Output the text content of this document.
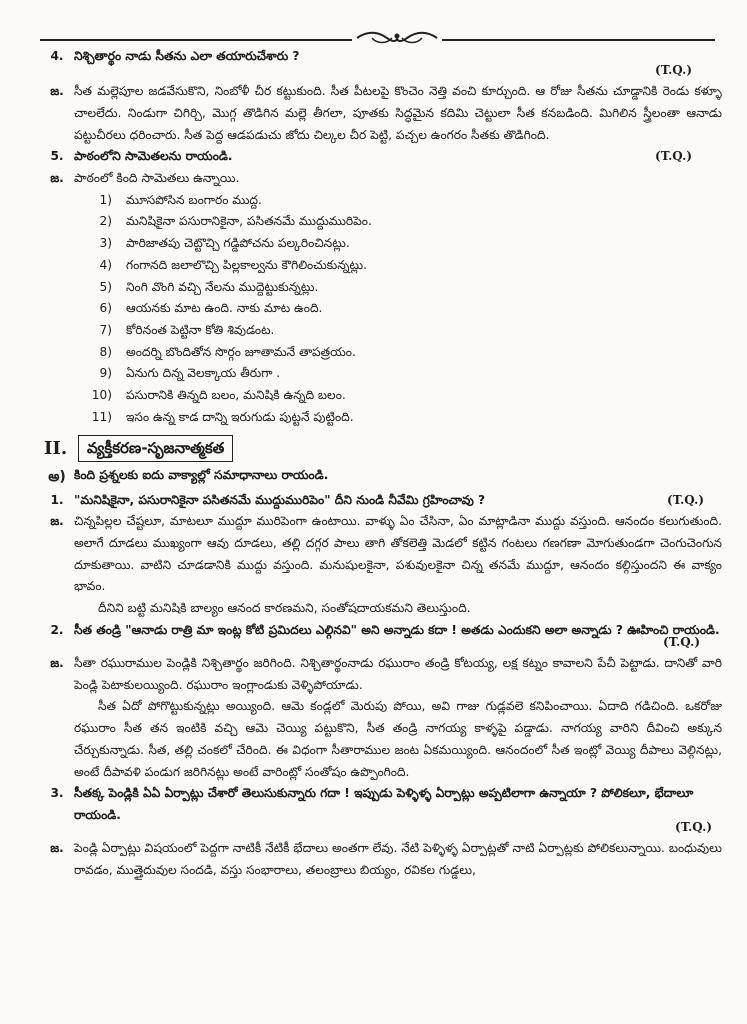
4. నిశ్చితార్థం నాడు సీతను ఎలా తయారుచేశారు ?
(T.Q.)
జ. సీత మల్లెపూల జడవేసుకొని, నింబోళీ చీర కట్టుకుంది. సీత పీటలపై కొంచెం నెత్తి వంచి కూర్చుంది. ఆ రోజు సీతను చూడ్డానికి రెండు కళ్ళూ చాలలేదు. నిండుగా చిగిర్చి, మొగ్గ తొడిగిన మల్లె తీగలా, పూతకు సిద్ధమైన కదిమి చెట్టులా సీత కనబడింది. మిగిలిన స్త్రీలంతా ఆనాడు పట్టుచీరలు ధరించారు. సీత పెద్ద ఆడపడుచు జోదు చిల్కల చీర పెట్టి, పచ్చల ఉంగరం సీతకు తొడిగింది.
5. పాఠంలోని సామెతలను రాయండి.	(T.Q.)
జ. పాఠంలో కింది సామెతలు ఉన్నాయి.
1)	మూసపోసిన బంగారం ముద్ద.
2)	మనిషికైనా పసురానికైనా, పసితనమే ముద్దుమురిపెం.
3)	పారిజాతపు చెట్టొచ్చి గడ్డిపోచను పల్కరించినట్లు.
4)	గంగానది జలాలొచ్చి పిల్లకాల్వను కౌగిలించుకున్నట్లు.
5)	నింగి వొంగి వచ్చి నేలను ముద్దెట్టుకున్నట్లు.
6)	ఆయనకు మాట ఉంది. నాకు మాట ఉంది.
7)	కోరినంత పెట్టినా కోతి శివుడంట.
8)	అందర్ని బొందితోన సొర్గం జూతామనే తాపత్రయం.
9)	ఏనుగు దిన్న వెలక్కాయ తీరుగా .
10)	పసురానికి తిన్నది బలం, మనిషికి ఉన్నది బలం.
11)	ఇసం ఉన్న కాడ దాన్ని ఇరుగుడు పుట్టనే పుట్టింది.
II.	వ్యక్తీకరణ-సృజనాత్మకత
అ) కింది ప్రశ్నలకు ఐదు వాక్యాల్లో సమాధానాలు రాయండి.
1. "మనిషికైనా, పసురానికైనా పసితనమే ముద్దుమురిపెం" దీని నుండి నీవేమి గ్రహించావు ?	(T.Q.)
జ. చిన్నపిల్లల చేష్టలూ, మాటలూ ముద్దూ మురిపెంగా ఉంటాయి. వాళ్ళు ఏం చేసినా, ఏం మాట్లాడినా ముద్దు వస్తుంది. ఆనందం కలుగుతుంది. అలాగే దూడలు ముఖ్యంగా ఆవు దూడలు, తల్లి దగ్గర పాలు తాగి తోకలెత్తి మెడలో కట్టిన గంటలు గణగణా మోగుతుండగా చెంగుచెంగున దూకుతాయి. వాటిని చూడడానికి ముద్దు వస్తుంది. మనుషులకైనా, పశువులకైనా చిన్న తనమే ముద్దూ, ఆనందం కల్గిస్తుందని ఈ వాక్యం భావం.
దీనిని బట్టి మనిషికి బాల్యం ఆనంద కారణమని, సంతోషదాయకమని తెలుస్తుంది.
2. సీత తండ్రి "ఆనాడు రాత్రి మా ఇంట్ల కోటి ప్రమిదలు ఎల్గినవి" అని అన్నాడు కదా ! అతడు ఎందుకని అలా అన్నాడు ? ఊహించి రాయండి.
(T.Q.)
జ. సీతా రఘురాముల పెండ్లికి నిశ్చితార్థం జరిగింది. నిశ్చితార్థంనాడు రఘురాం తండ్రి కోటయ్య, లక్ష కట్నం కావాలని పేచీ పెట్టాడు. దానితో వారి పెండ్లి పెటాకులయ్యింది. రఘురాం ఇంగ్లాండుకు వెళ్ళిపోయాడు.
సీత ఏదో పోగొట్టుకున్నట్లు అయ్యింది. ఆమె కండ్లలో మెరుపు పోయి, అవి గాజు గుడ్లవలె కనిపించాయి. ఏదాది గడిచింది. ఒకరోజు రఘురాం సీత తన ఇంటికి వచ్చి ఆమె చెయ్యి పట్టుకొని, సీత తండ్రి నాగయ్య కాళ్ళపై పడ్డాడు. నాగయ్య వారిని దీవించి అక్కున చేర్చుకున్నాడు. సీత, తల్లి చంకలో చేరింది. ఈ విధంగా సీతారాముల జంట ఏకమయ్యింది. ఆనందంలో సీత ఇంట్లో వెయ్యి దీపాలు వెల్గినట్లు, అంటే దీపావళి పండుగ జరిగినట్లు అంటే వారింట్లో సంతోషం ఉప్పొంగింది.
3. సీతక్క పెండ్లికి ఏఏ ఏర్పాట్లు చేశారో తెలుసుకున్నారు గదా ! ఇప్పుడు పెళ్ళిళ్ళ ఏర్పాట్లు అప్పటిలాగా ఉన్నాయా ? పోలికలూ, భేదాలూ రాయండి.
(T.Q.)
జ. పెండ్లి ఏర్పాట్లు విషయంలో పెద్దగా నాటికీ నేటికీ భేదాలు అంతగా లేవు. నేటి పెళ్ళిళ్ళ ఏర్పాట్లతో నాటి ఏర్పాట్లకు పోలికలున్నాయి. బంధువులు రావడం, ముత్తైదువుల సందడి, వస్తు సంభారాలు, తలంబ్రాలు బియ్యం, రవికల గుడ్డలు,
